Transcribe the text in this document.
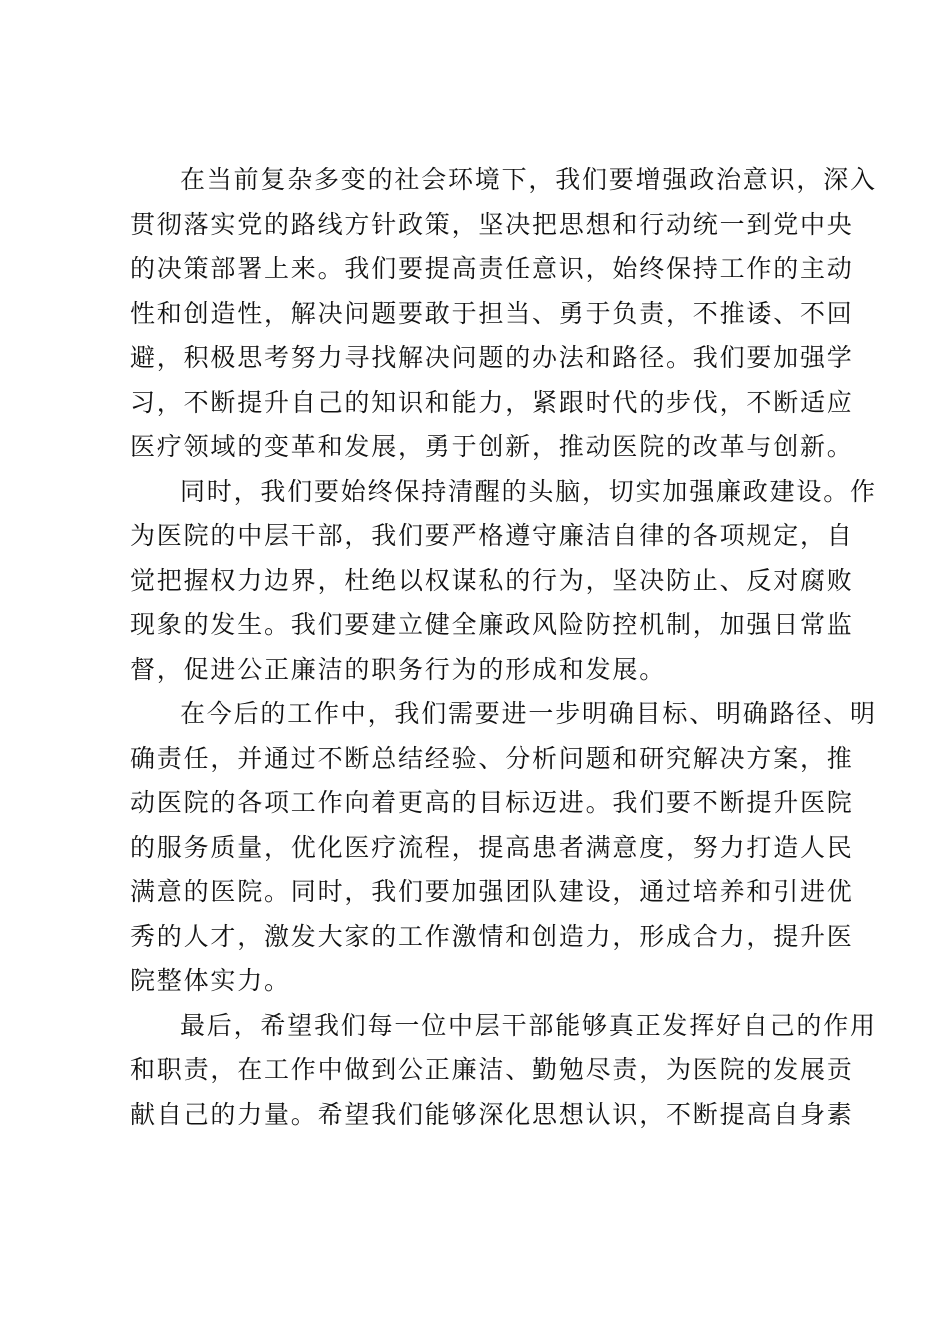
在当前复杂多变的社会环境下，我们要增强政治意识，深入
贯彻落实党的路线方针政策，坚决把思想和行动统一到党中央
的决策部署上来。我们要提高责任意识，始终保持工作的主动
性和创造性，解决问题要敢于担当、勇于负责，不推诿、不回
避，积极思考努力寻找解决问题的办法和路径。我们要加强学
习，不断提升自己的知识和能力，紧跟时代的步伐，不断适应
医疗领域的变革和发展，勇于创新，推动医院的改革与创新。

同时，我们要始终保持清醒的头脑，切实加强廉政建设。作
为医院的中层干部，我们要严格遵守廉洁自律的各项规定，自
觉把握权力边界，杜绝以权谋私的行为，坚决防止、反对腐败
现象的发生。我们要建立健全廉政风险防控机制，加强日常监
督，促进公正廉洁的职务行为的形成和发展。

在今后的工作中，我们需要进一步明确目标、明确路径、明
确责任，并通过不断总结经验、分析问题和研究解决方案，推
动医院的各项工作向着更高的目标迈进。我们要不断提升医院
的服务质量，优化医疗流程，提高患者满意度，努力打造人民
满意的医院。同时，我们要加强团队建设，通过培养和引进优
秀的人才，激发大家的工作激情和创造力，形成合力，提升医
院整体实力。

最后，希望我们每一位中层干部能够真正发挥好自己的作用
和职责，在工作中做到公正廉洁、勤勉尽责，为医院的发展贡
献自己的力量。希望我们能够深化思想认识，不断提高自身素
